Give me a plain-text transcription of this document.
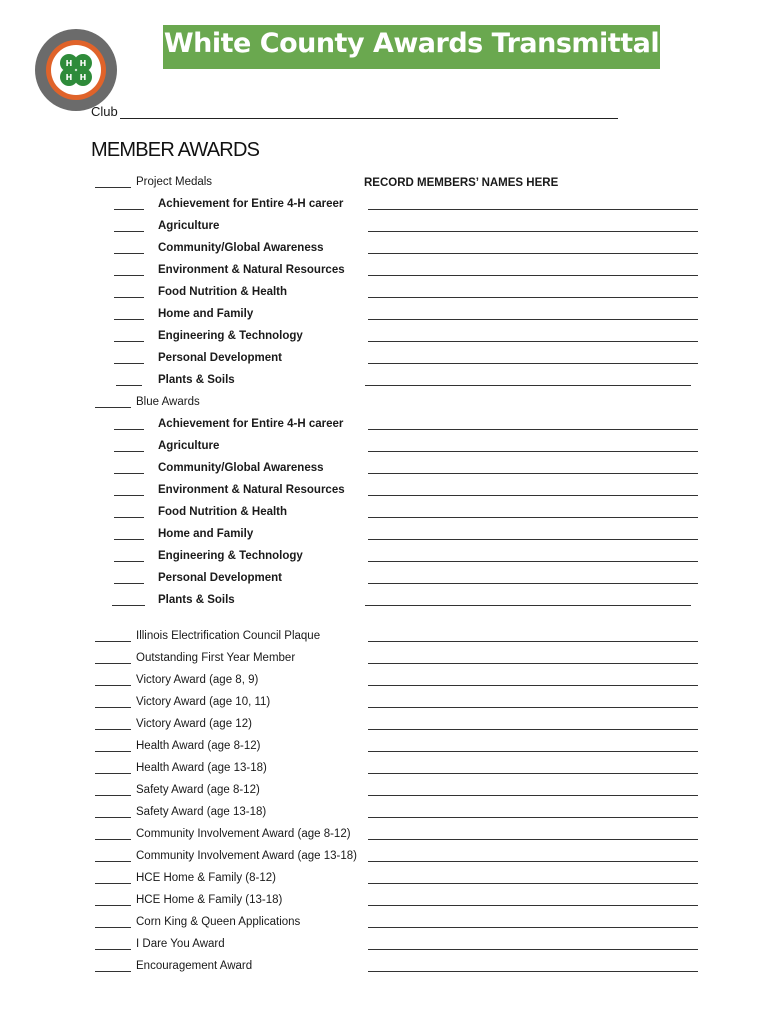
H H
H H
White County Awards Transmittal
Club
MEMBER AWARDS
RECORD MEMBERS’ NAMES HERE
Project Medals
Achievement for Entire 4-H career
Agriculture
Community/Global Awareness
Environment & Natural Resources
Food Nutrition & Health
Home and Family
Engineering & Technology
Personal Development
Plants & Soils
Blue Awards
Achievement for Entire 4-H career
Agriculture
Community/Global Awareness
Environment & Natural Resources
Food Nutrition & Health
Home and Family
Engineering & Technology
Personal Development
Plants & Soils
Illinois Electrification Council Plaque
Outstanding First Year Member
Victory Award (age 8, 9)
Victory Award (age 10, 11)
Victory Award (age 12)
Health Award (age 8-12)
Health Award (age 13-18)
Safety Award (age 8-12)
Safety Award (age 13-18)
Community Involvement Award (age 8-12)
Community Involvement Award (age 13-18)
HCE Home & Family (8-12)
HCE Home & Family (13-18)
Corn King & Queen Applications
I Dare You Award
Encouragement Award
